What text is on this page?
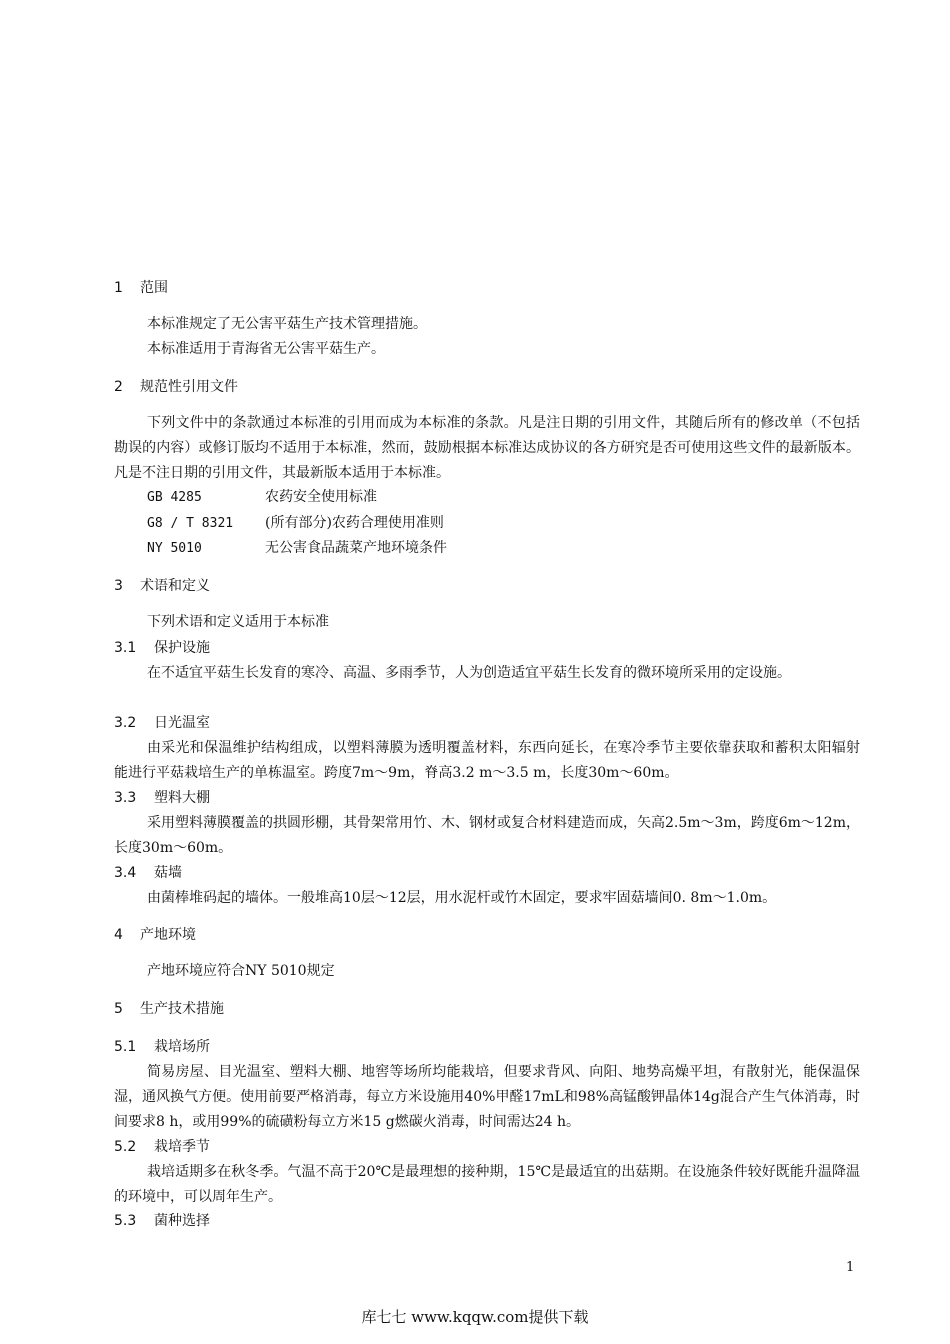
1 范围
本标准规定了无公害平菇生产技术管理措施。
本标准适用于青海省无公害平菇生产。
2 规范性引用文件
下列文件中的条款通过本标准的引用而成为本标准的条款。凡是注日期的引用文件，其随后所有的修改单（不包括勘误的内容）或修订版均不适用于本标准，然而，鼓励根据本标准达成协议的各方研究是否可使用这些文件的最新版本。凡是不注日期的引用文件，其最新版本适用于本标准。
GB 4285	农药安全使用标准
G8 / T 8321 (所有部分)农药合理使用准则
NY 5010	无公害食品蔬菜产地环境条件
3 术语和定义
下列术语和定义适用于本标准
3.1 保护设施
在不适宜平菇生长发育的寒冷、高温、多雨季节，人为创造适宜平菇生长发育的微环境所采用的定设施。
3.2 日光温室
由采光和保温维护结构组成，以塑料薄膜为透明覆盖材料，东西向延长，在寒冷季节主要依靠获取和蓄积太阳辐射能进行平菇栽培生产的单栋温室。跨度7m～9m，脊高3.2 m～3.5 m，长度30m～60m。
3.3 塑料大棚
采用塑料薄膜覆盖的拱圆形棚，其骨架常用竹、木、钢材或复合材料建造而成，矢高2.5m～3m，跨度6m～12m，长度30m～60m。
3.4 菇墙
由菌棒堆码起的墙体。一般堆高10层～12层，用水泥杆或竹木固定，要求牢固菇墙间0. 8m～1.0m。
4 产地环境
产地环境应符合NY 5010规定
5 生产技术措施
5.1 栽培场所
简易房屋、目光温室、塑料大棚、地窖等场所均能栽培，但要求背风、向阳、地势高燥平坦，有散射光，能保温保湿，通风换气方便。使用前要严格消毒，每立方米设施用40%甲醛17mL和98%高锰酸钾晶体14g混合产生气体消毒，时间要求8 h，或用99%的硫磺粉每立方米15 g燃碳火消毒，时间需达24 h。
5.2 栽培季节
栽培适期多在秋冬季。气温不高于20℃是最理想的接种期，15℃是最适宜的出菇期。在设施条件较好既能升温降温的环境中，可以周年生产。
5.3 菌种选择
1
库七七 www.kqqw.com提供下载
